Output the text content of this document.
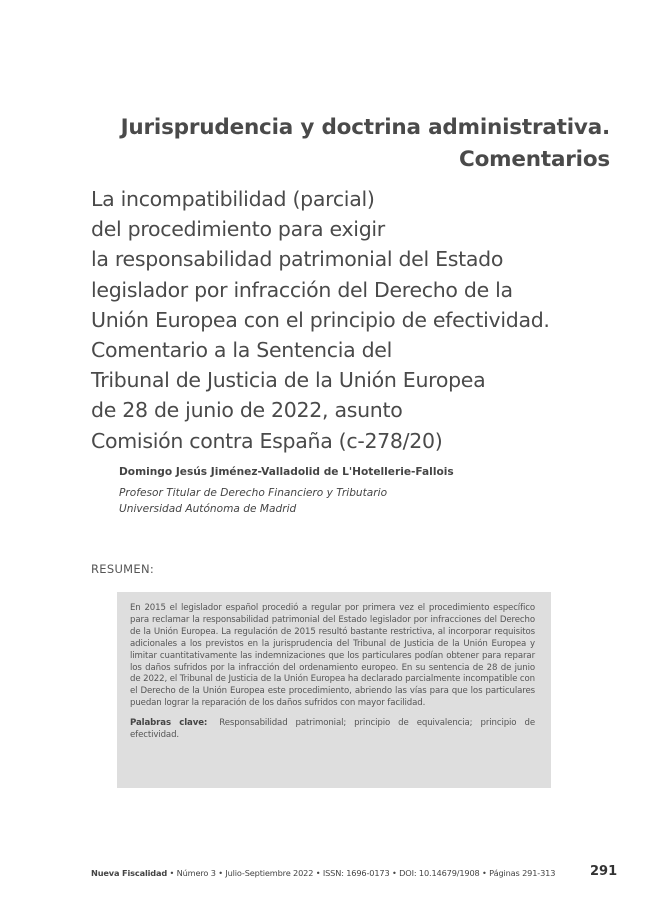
Jurisprudencia y doctrina administrativa.
Comentarios
La incompatibilidad (parcial)
del procedimiento para exigir
la responsabilidad patrimonial del Estado
legislador por infracción del Derecho de la
Unión Europea con el principio de efectividad.
Comentario a la Sentencia del
Tribunal de Justicia de la Unión Europea
de 28 de junio de 2022, asunto
Comisión contra España (c-278/20)
Domingo Jesús Jiménez-Valladolid de L'Hotellerie-Fallois
Profesor Titular de Derecho Financiero y Tributario
Universidad Autónoma de Madrid
RESUMEN:

En 2015 el legislador español procedió a regular por primera vez el procedimiento específico para reclamar la responsabilidad patrimonial del Estado legislador por infracciones del Derecho de la Unión Europea. La regulación de 2015 resultó bastante restrictiva, al incorporar requisitos adicionales a los previstos en la jurisprudencia del Tribunal de Justicia de la Unión Europea y limitar cuantitativamente las indemnizaciones que los particulares podían obtener para reparar los daños sufridos por la infracción del ordenamiento europeo. En su sentencia de 28 de junio de 2022, el Tribunal de Justicia de la Unión Europea ha declarado parcialmente incompatible con el Derecho de la Unión Europea este procedimiento, abriendo las vías para que los particulares puedan lograr la reparación de los daños sufridos con mayor facilidad.

Palabras clave: Responsabilidad patrimonial; principio de equivalencia; principio de efectividad.
Nueva Fiscalidad • Número 3 • Julio-Septiembre 2022 • ISSN: 1696-0173 • DOI: 10.14679/1908 • Páginas 291-313	291
